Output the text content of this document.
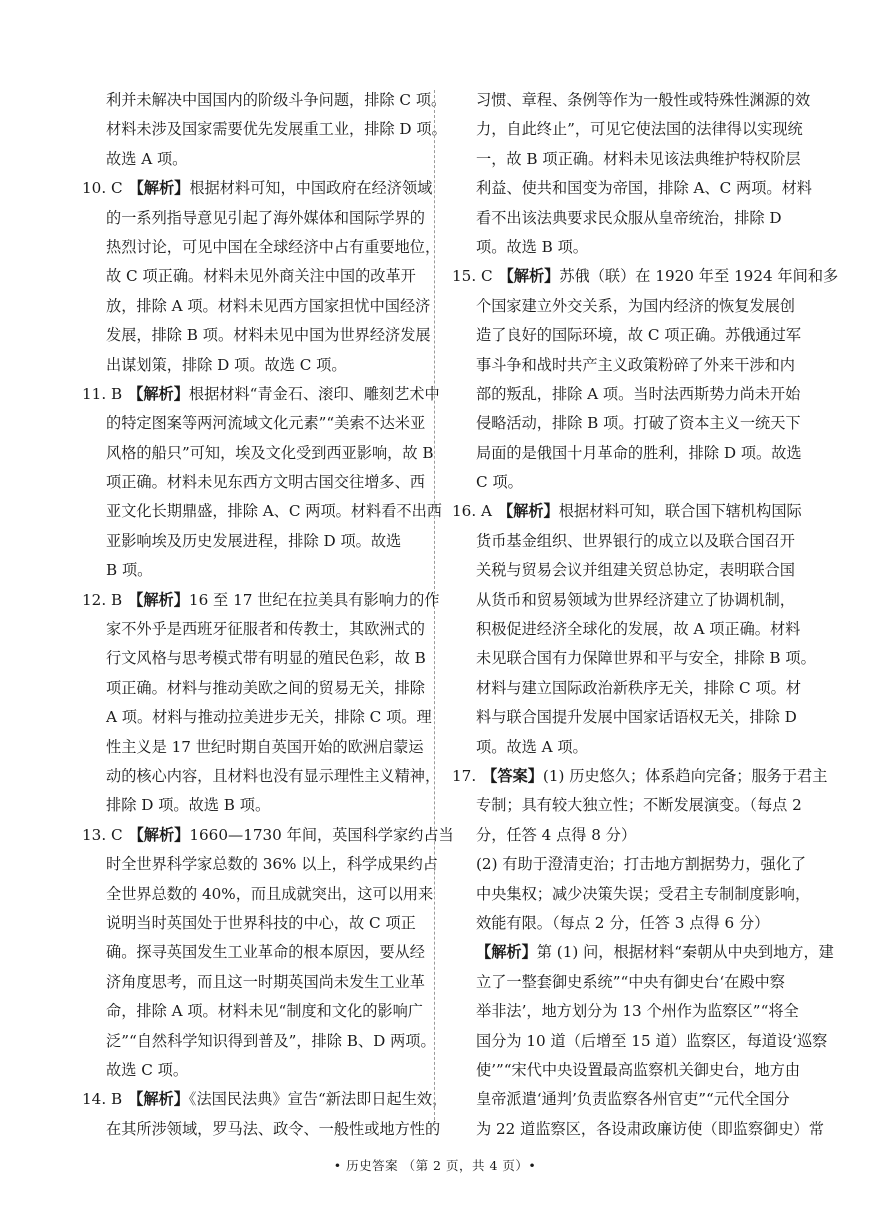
利并未解决中国国内的阶级斗争问题，排除 C 项。
材料未涉及国家需要优先发展重工业，排除 D 项。
故选 A 项。
10. C 【解析】根据材料可知，中国政府在经济领域
的一系列指导意见引起了海外媒体和国际学界的
热烈讨论，可见中国在全球经济中占有重要地位，
故 C 项正确。材料未见外商关注中国的改革开
放，排除 A 项。材料未见西方国家担忧中国经济
发展，排除 B 项。材料未见中国为世界经济发展
出谋划策，排除 D 项。故选 C 项。
11. B 【解析】根据材料“青金石、滚印、雕刻艺术中
的特定图案等两河流域文化元素”“美索不达米亚
风格的船只”可知，埃及文化受到西亚影响，故 B
项正确。材料未见东西方文明古国交往增多、西
亚文化长期鼎盛，排除 A、C 两项。材料看不出西
亚影响埃及历史发展进程，排除 D 项。故选
B 项。
12. B 【解析】16 至 17 世纪在拉美具有影响力的作
家不外乎是西班牙征服者和传教士，其欧洲式的
行文风格与思考模式带有明显的殖民色彩，故 B
项正确。材料与推动美欧之间的贸易无关，排除
A 项。材料与推动拉美进步无关，排除 C 项。理
性主义是 17 世纪时期自英国开始的欧洲启蒙运
动的核心内容，且材料也没有显示理性主义精神，
排除 D 项。故选 B 项。
13. C 【解析】1660—1730 年间，英国科学家约占当
时全世界科学家总数的 36% 以上，科学成果约占
全世界总数的 40%，而且成就突出，这可以用来
说明当时英国处于世界科技的中心，故 C 项正
确。探寻英国发生工业革命的根本原因，要从经
济角度思考，而且这一时期英国尚未发生工业革
命，排除 A 项。材料未见“制度和文化的影响广
泛”“自然科学知识得到普及”，排除 B、D 两项。
故选 C 项。
14. B 【解析】《法国民法典》宣告“新法即日起生效，
在其所涉领域，罗马法、政令、一般性或地方性的
习惯、章程、条例等作为一般性或特殊性渊源的效
力，自此终止”，可见它使法国的法律得以实现统
一，故 B 项正确。材料未见该法典维护特权阶层
利益、使共和国变为帝国，排除 A、C 两项。材料
看不出该法典要求民众服从皇帝统治，排除 D
项。故选 B 项。
15. C 【解析】苏俄（联）在 1920 年至 1924 年间和多
个国家建立外交关系，为国内经济的恢复发展创
造了良好的国际环境，故 C 项正确。苏俄通过军
事斗争和战时共产主义政策粉碎了外来干涉和内
部的叛乱，排除 A 项。当时法西斯势力尚未开始
侵略活动，排除 B 项。打破了资本主义一统天下
局面的是俄国十月革命的胜利，排除 D 项。故选
C 项。
16. A 【解析】根据材料可知，联合国下辖机构国际
货币基金组织、世界银行的成立以及联合国召开
关税与贸易会议并组建关贸总协定，表明联合国
从货币和贸易领域为世界经济建立了协调机制，
积极促进经济全球化的发展，故 A 项正确。材料
未见联合国有力保障世界和平与安全，排除 B 项。
材料与建立国际政治新秩序无关，排除 C 项。材
料与联合国提升发展中国家话语权无关，排除 D
项。故选 A 项。
17. 【答案】(1) 历史悠久；体系趋向完备；服务于君主
专制；具有较大独立性；不断发展演变。（每点 2
分，任答 4 点得 8 分）
(2) 有助于澄清吏治；打击地方割据势力，强化了
中央集权；减少决策失误；受君主专制制度影响，
效能有限。（每点 2 分，任答 3 点得 6 分）
【解析】第 (1) 问，根据材料“秦朝从中央到地方，建
立了一整套御史系统”“中央有御史台‘在殿中察
举非法’，地方划分为 13 个州作为监察区”“将全
国分为 10 道（后增至 15 道）监察区，每道设‘巡察
使’”“宋代中央设置最高监察机关御史台，地方由
皇帝派遣‘通判’负责监察各州官吏”“元代全国分
为 22 道监察区，各设肃政廉访使（即监察御史）常
• 历史答案 （第 2 页，共 4 页）•
